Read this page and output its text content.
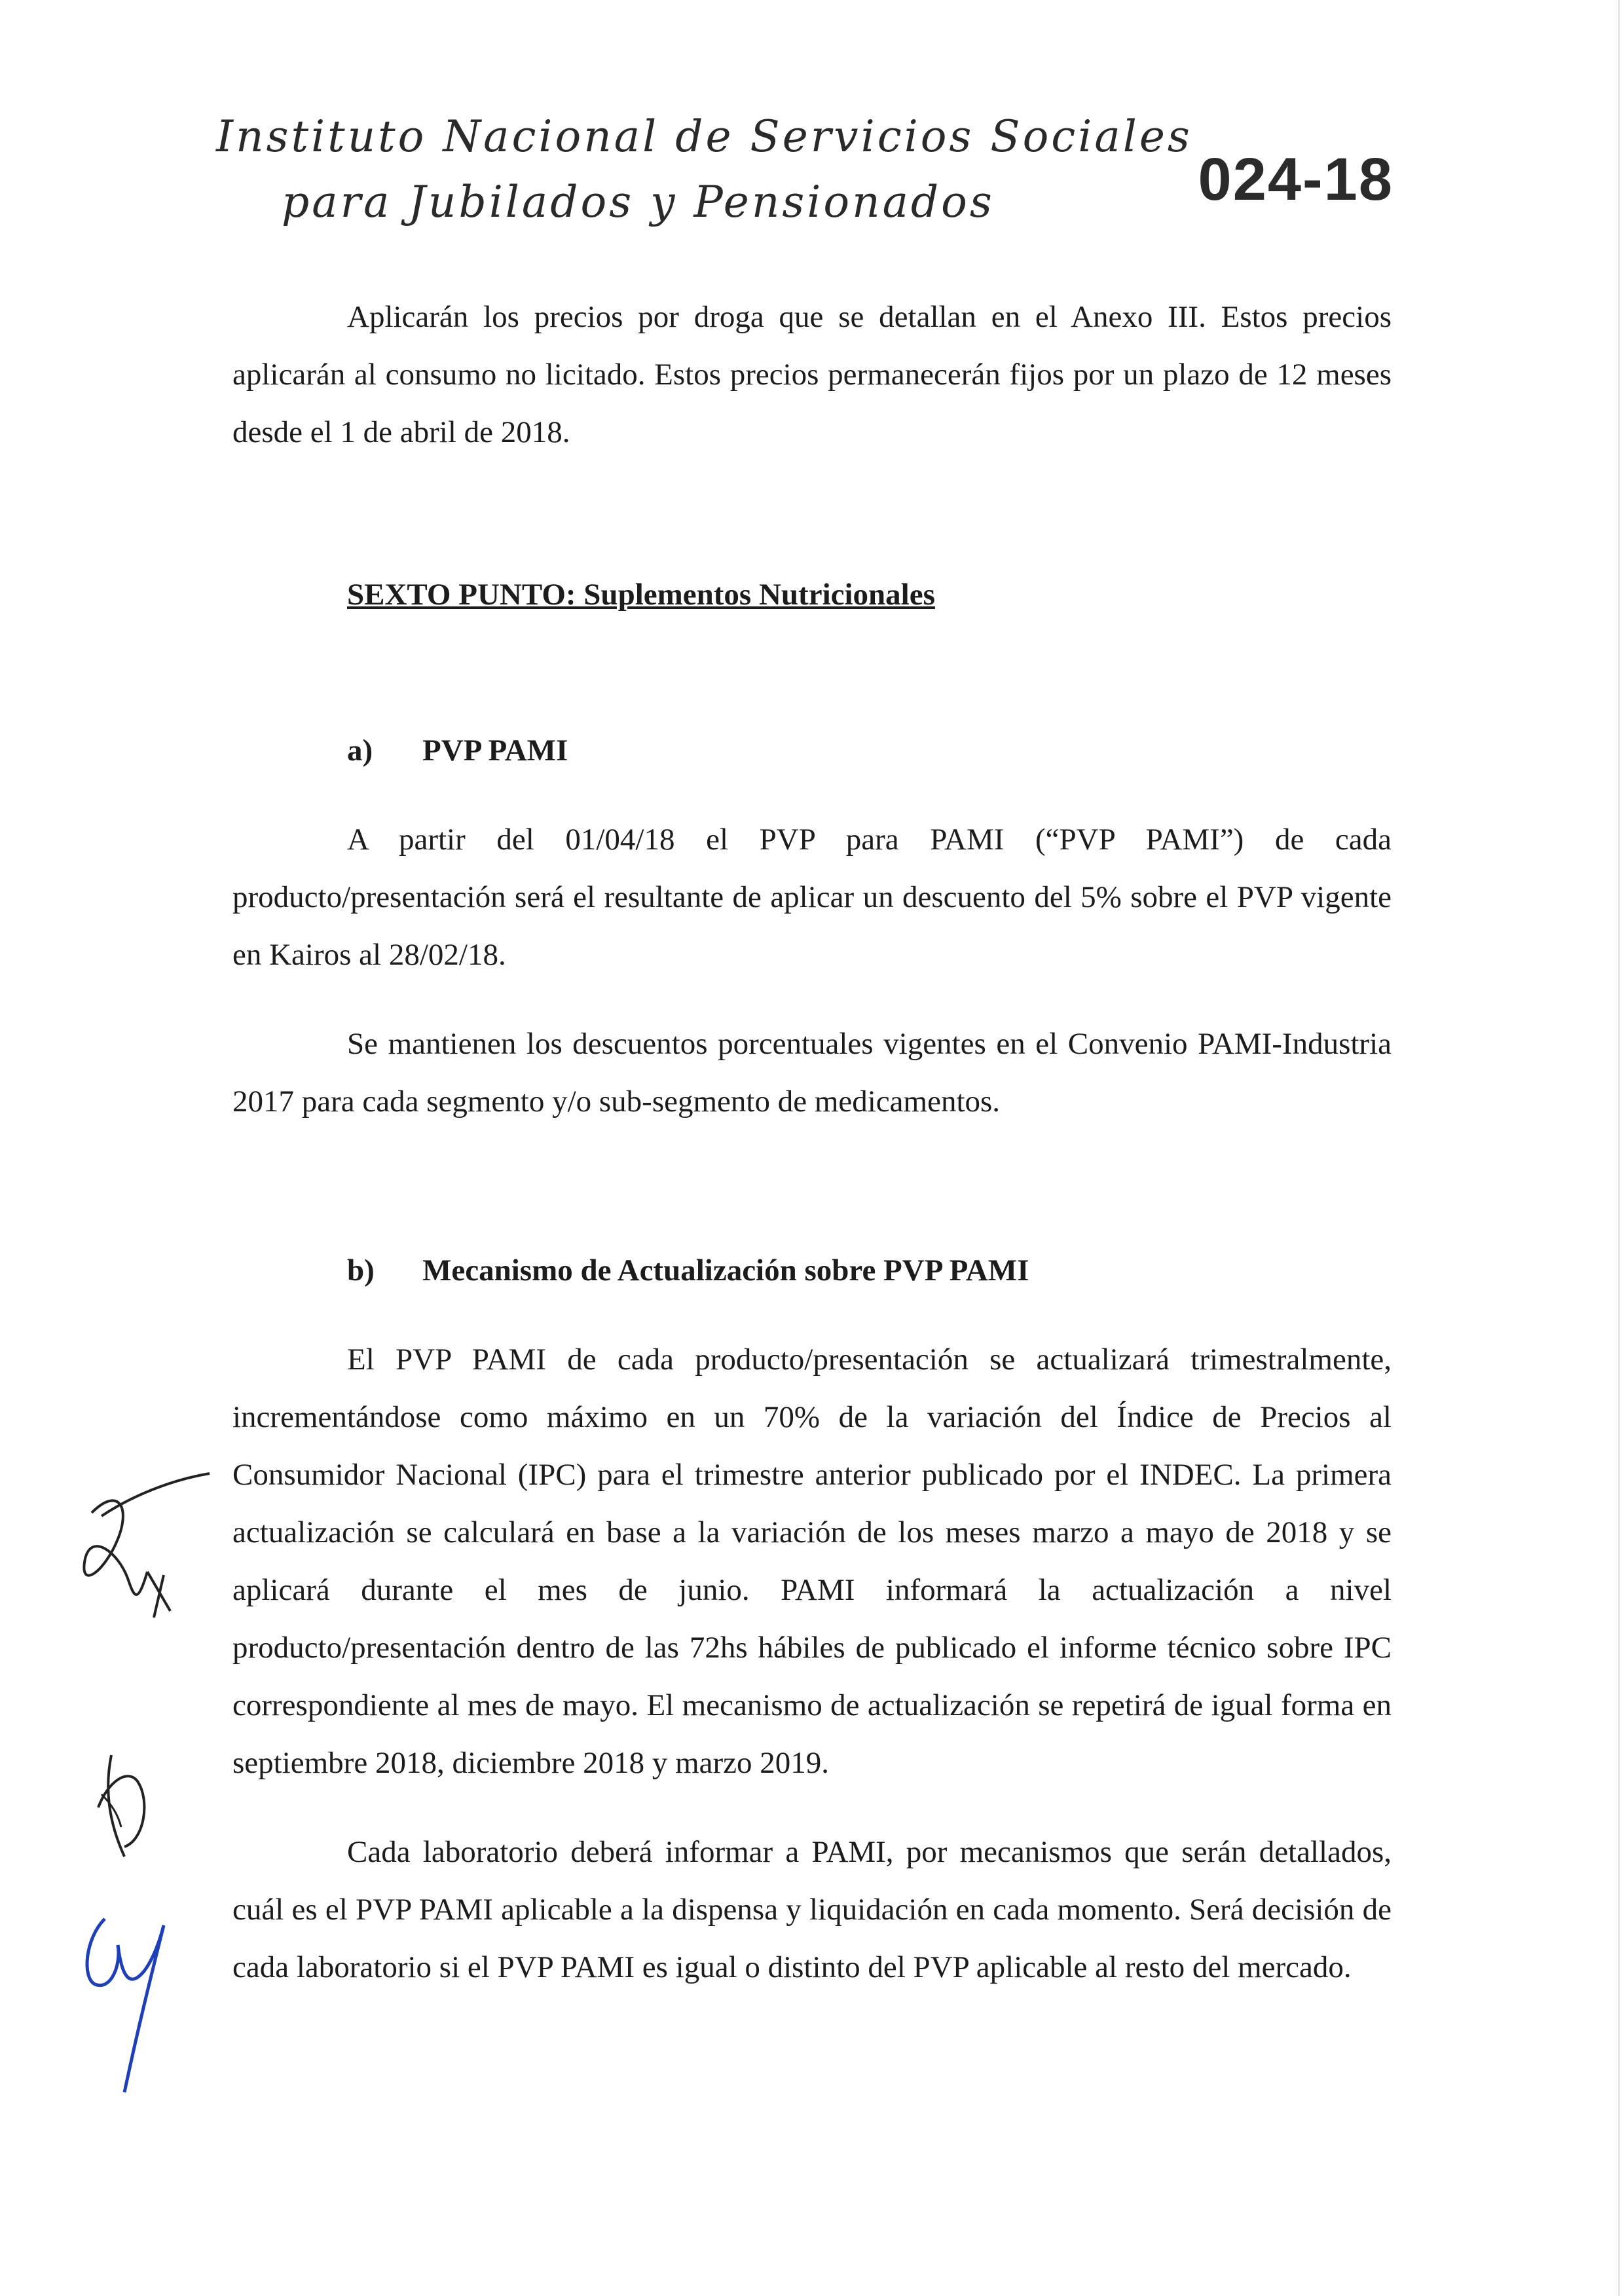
Instituto Nacional de Servicios Sociales
para Jubilados y Pensionados	024-18

Aplicarán los precios por droga que se detallan en el Anexo III. Estos precios aplicarán al consumo no licitado. Estos precios permanecerán fijos por un plazo de 12 meses desde el 1 de abril de 2018.

SEXTO PUNTO: Suplementos Nutricionales
a)	PVP PAMI

A partir del 01/04/18 el PVP para PAMI (“PVP PAMI”) de cada producto/presentación será el resultante de aplicar un descuento del 5% sobre el PVP vigente en Kairos al 28/02/18.

Se mantienen los descuentos porcentuales vigentes en el Convenio PAMI-Industria 2017 para cada segmento y/o sub-segmento de medicamentos.

b)	Mecanismo de Actualización sobre PVP PAMI

El PVP PAMI de cada producto/presentación se actualizará trimestralmente, incrementándose como máximo en un 70% de la variación del Índice de Precios al Consumidor Nacional (IPC) para el trimestre anterior publicado por el INDEC. La primera actualización se calculará en base a la variación de los meses marzo a mayo de 2018 y se aplicará durante el mes de junio. PAMI informará la actualización a nivel producto/presentación dentro de las 72hs hábiles de publicado el informe técnico sobre IPC correspondiente al mes de mayo. El mecanismo de actualización se repetirá de igual forma en septiembre 2018, diciembre 2018 y marzo 2019.

Cada laboratorio deberá informar a PAMI, por mecanismos que serán detallados, cuál es el PVP PAMI aplicable a la dispensa y liquidación en cada momento. Será decisión de cada laboratorio si el PVP PAMI es igual o distinto del PVP aplicable al resto del mercado.
